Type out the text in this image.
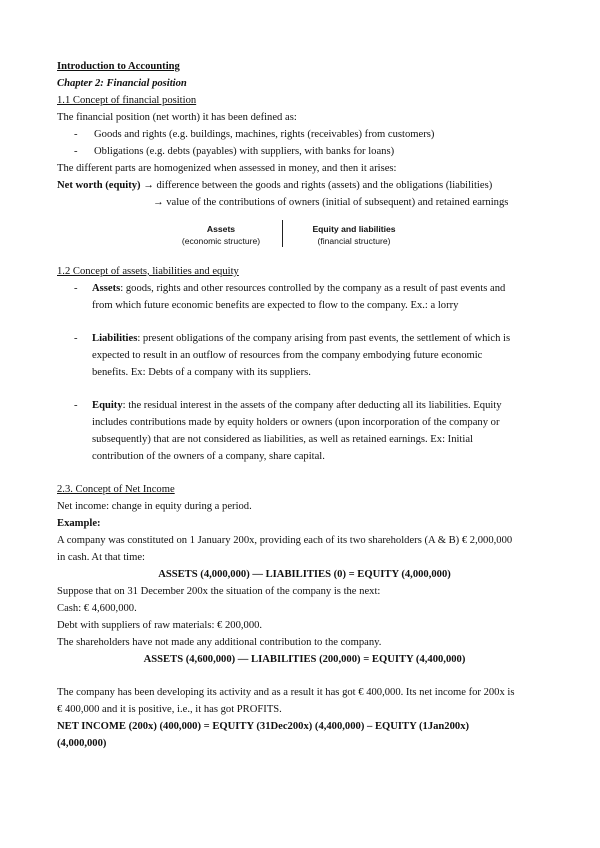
Introduction to Accounting
Chapter 2: Financial position
1.1 Concept of financial position
The financial position (net worth) it has been defined as:
- Goods and rights (e.g. buildings, machines, rights (receivables) from customers)
- Obligations (e.g. debts (payables) with suppliers, with banks for loans)
The different parts are homogenized when assessed in money, and then it arises:
Net worth (equity) → difference between the goods and rights (assets) and the obligations (liabilities)
→ value of the contributions of owners (initial of subsequent) and retained earnings
Assets
(economic structure)
Equity and liabilities
(financial structure)
1.2 Concept of assets, liabilities and equity
- Assets: goods, rights and other resources controlled by the company as a result of past events and
from which future economic benefits are expected to flow to the company. Ex.: a lorry
- Liabilities: present obligations of the company arising from past events, the settlement of which is
expected to result in an outflow of resources from the company embodying future economic
benefits. Ex: Debts of a company with its suppliers.
- Equity: the residual interest in the assets of the company after deducting all its liabilities. Equity
includes contributions made by equity holders or owners (upon incorporation of the company or
subsequently) that are not considered as liabilities, as well as retained earnings. Ex: Initial
contribution of the owners of a company, share capital.
2.3. Concept of Net Income
Net income: change in equity during a period.
Example:
A company was constituted on 1 January 200x, providing each of its two shareholders (A & B) € 2,000,000
in cash. At that time:
ASSETS (4,000,000) — LIABILITIES (0) = EQUITY (4,000,000)
Suppose that on 31 December 200x the situation of the company is the next:
Cash: € 4,600,000.
Debt with suppliers of raw materials: € 200,000.
The shareholders have not made any additional contribution to the company.
ASSETS (4,600,000) — LIABILITIES (200,000) = EQUITY (4,400,000)
The company has been developing its activity and as a result it has got € 400,000. Its net income for 200x is
€ 400,000 and it is positive, i.e., it has got PROFITS.
NET INCOME (200x) (400,000) = EQUITY (31Dec200x) (4,400,000) – EQUITY (1Jan200x)
(4,000,000)
